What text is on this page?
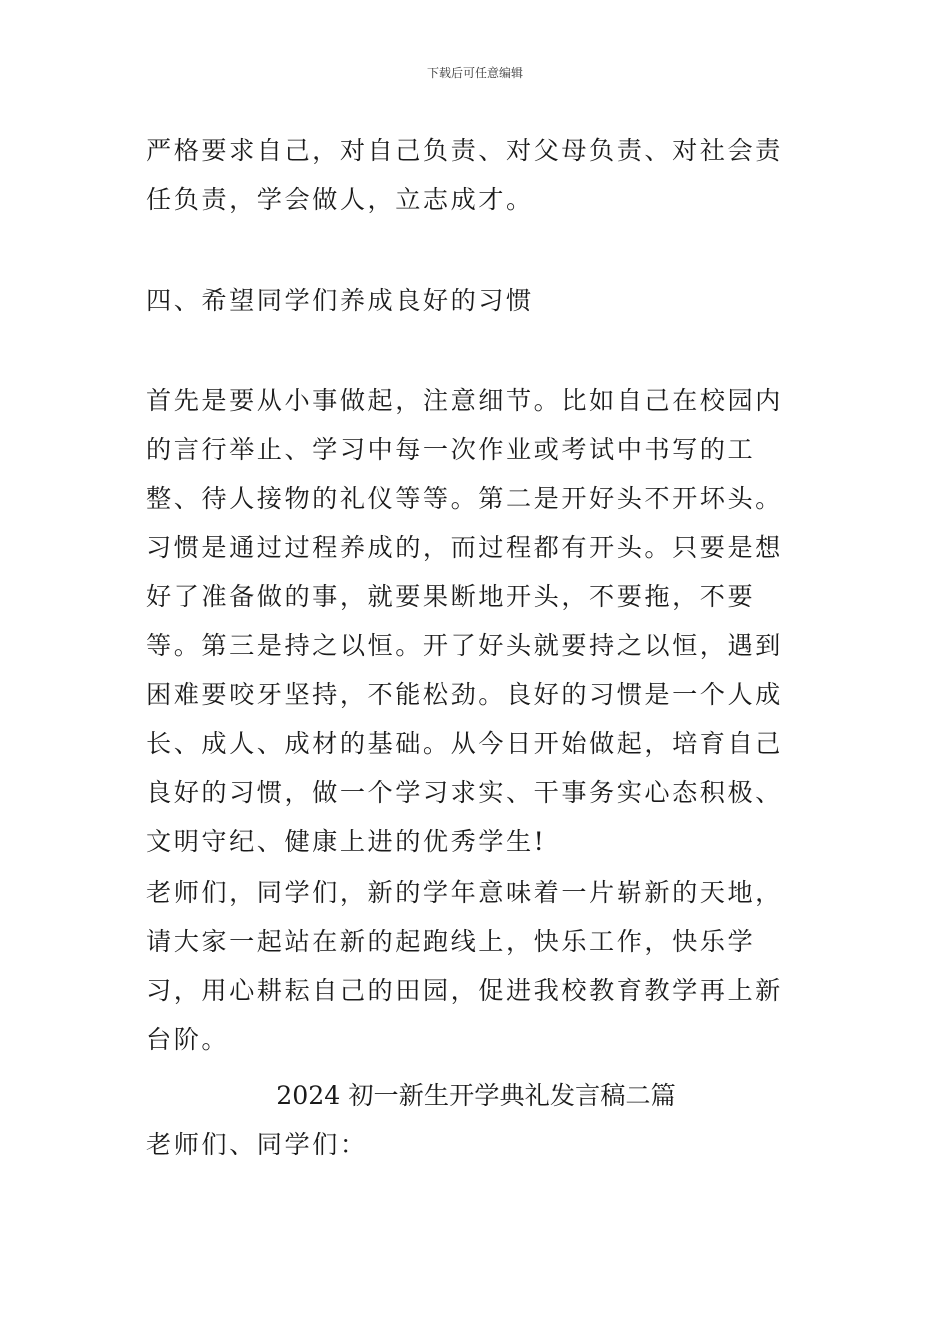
下载后可任意编辑

严格要求自己，对自己负责、对父母负责、对社会责任负责，学会做人，立志成才。

四、希望同学们养成良好的习惯

首先是要从小事做起，注意细节。比如自己在校园内的言行举止、学习中每一次作业或考试中书写的工整、待人接物的礼仪等等。第二是开好头不开坏头。习惯是通过过程养成的，而过程都有开头。只要是想好了准备做的事，就要果断地开头，不要拖，不要等。第三是持之以恒。开了好头就要持之以恒，遇到困难要咬牙坚持，不能松劲。良好的习惯是一个人成长、成人、成材的基础。从今日开始做起，培育自己良好的习惯，做一个学习求实、干事务实心态积极、文明守纪、健康上进的优秀学生!

老师们，同学们，新的学年意味着一片崭新的天地，请大家一起站在新的起跑线上，快乐工作，快乐学习，用心耕耘自己的田园，促进我校教育教学再上新台阶。

2024 初一新生开学典礼发言稿二篇

老师们、同学们：
